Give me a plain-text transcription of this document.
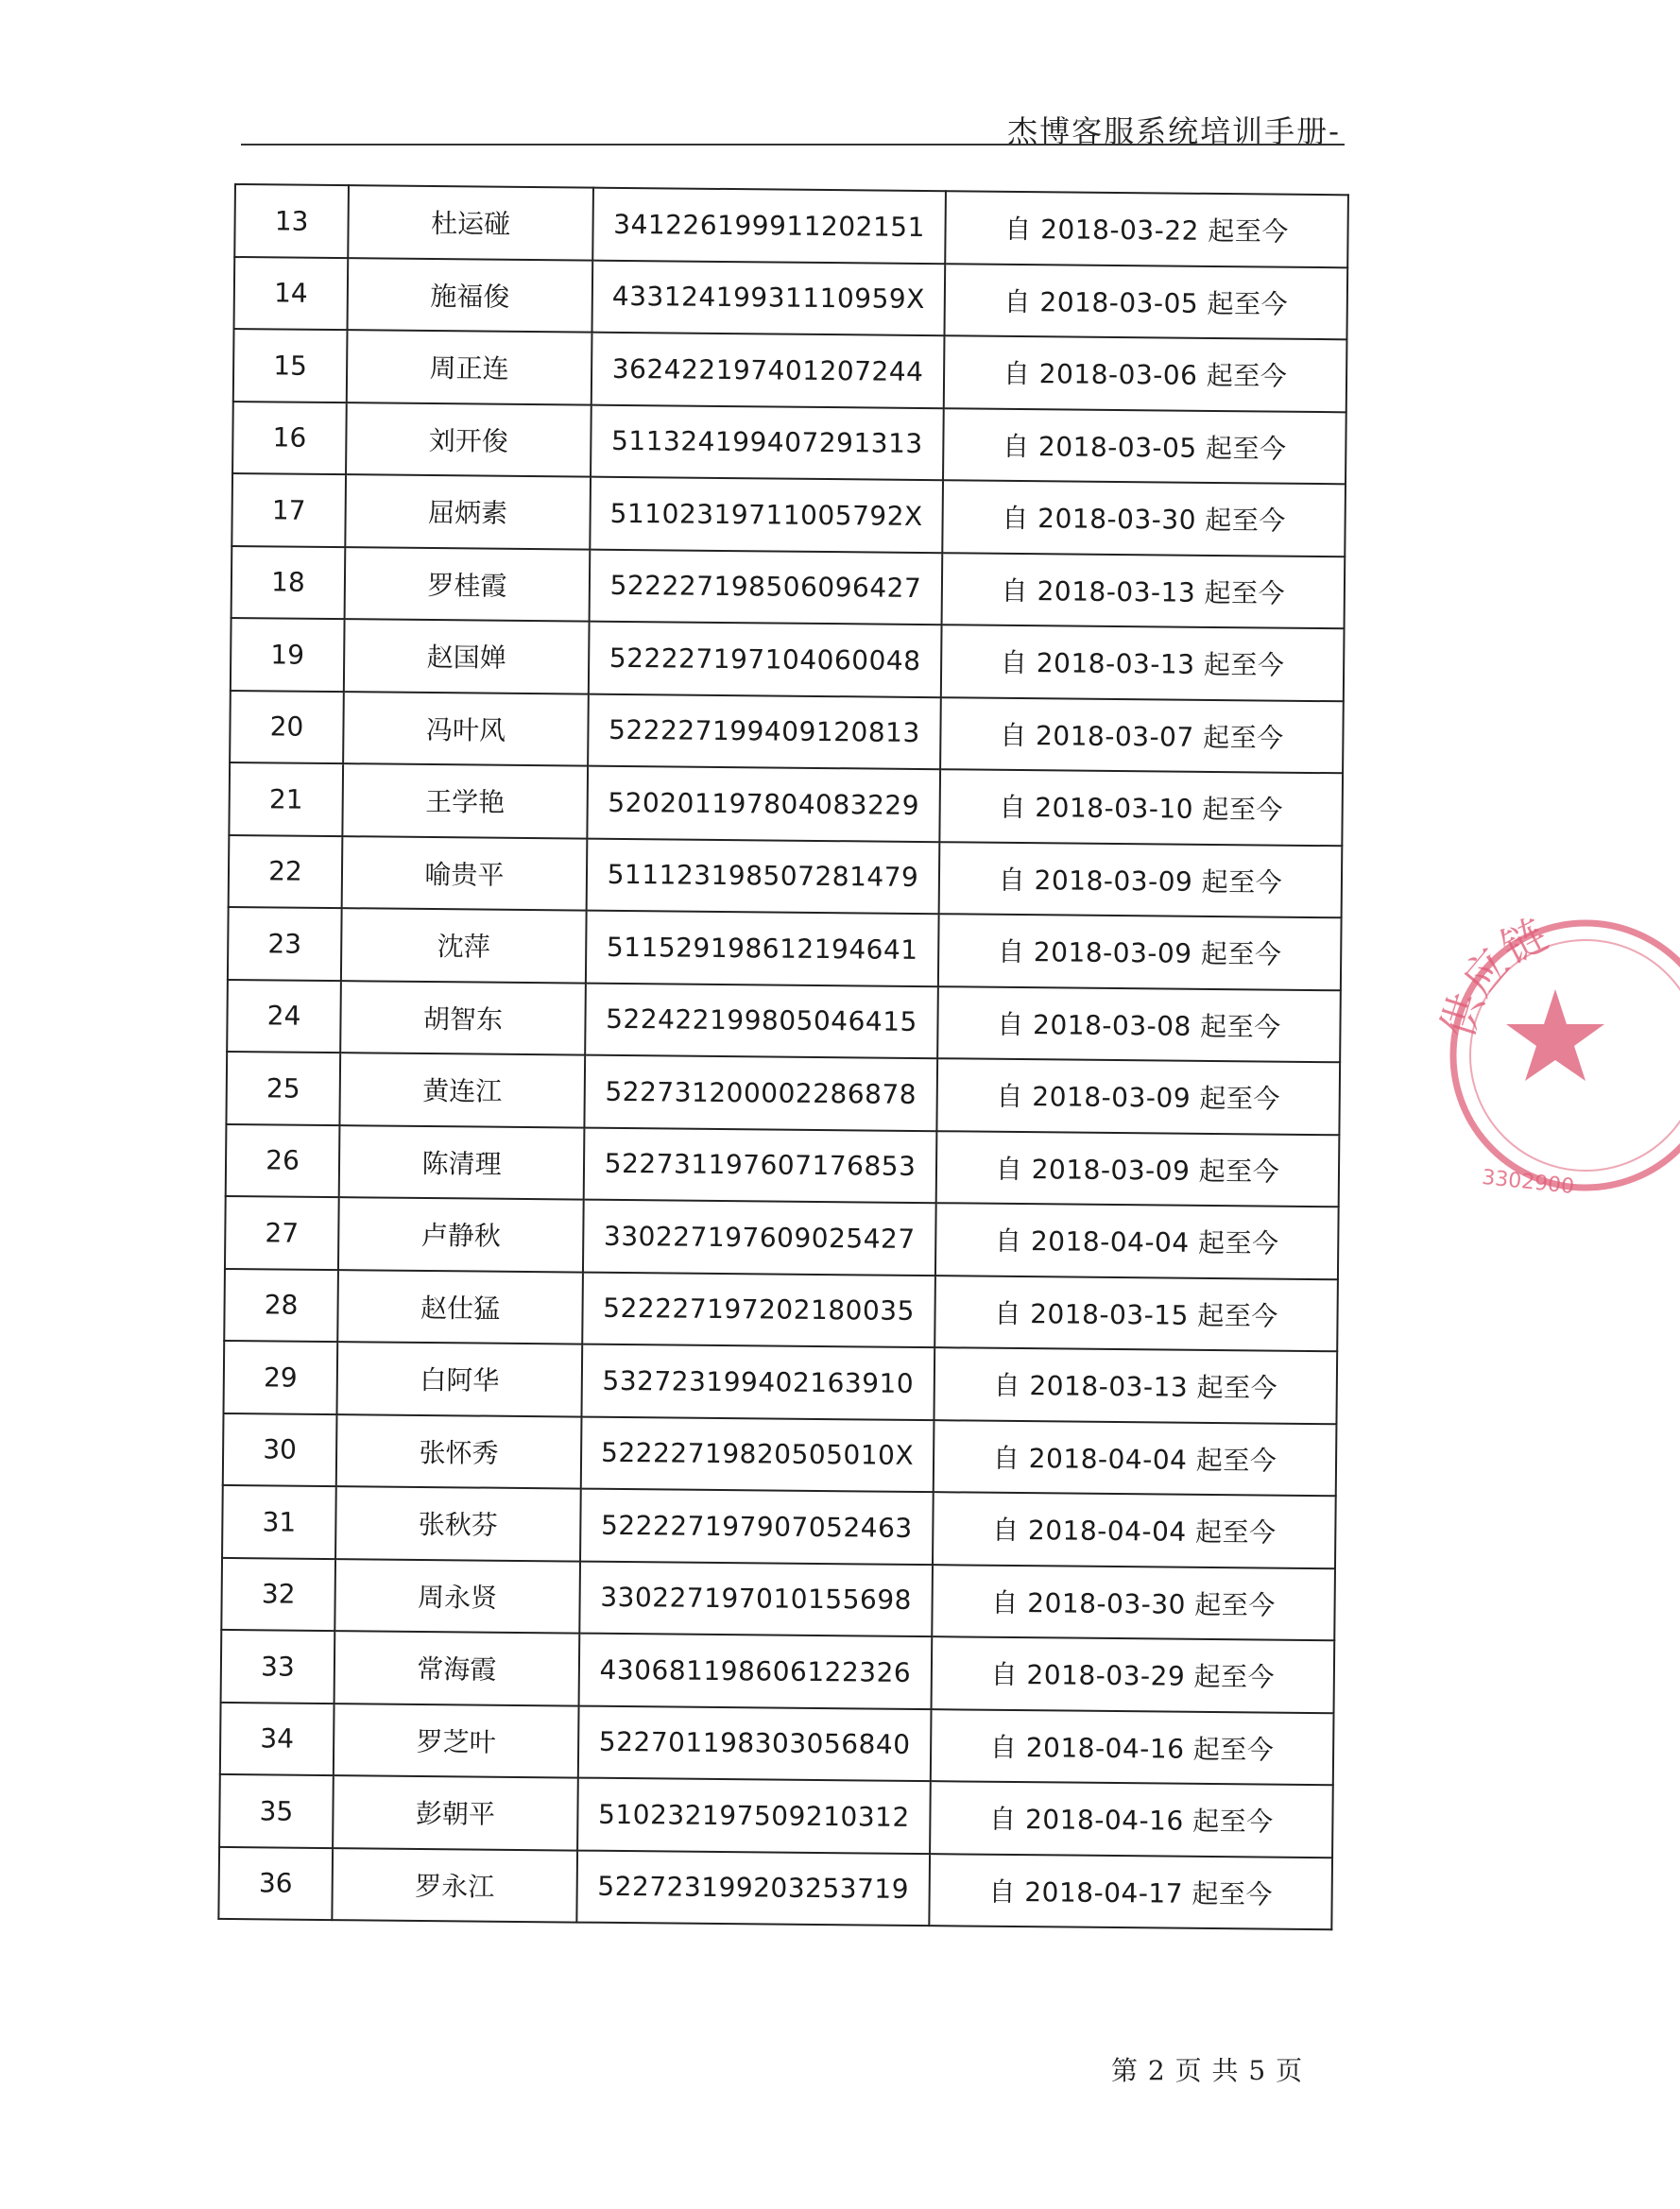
杰博客服系统培训手册-
13	杜运碰	341226199911202151	自 2018-03-22 起至今
14	施福俊	43312419931110959X	自 2018-03-05 起至今
15	周正连	362422197401207244	自 2018-03-06 起至今
16	刘开俊	511324199407291313	自 2018-03-05 起至今
17	屈炳素	51102319711005792X	自 2018-03-30 起至今
18	罗桂霞	522227198506096427	自 2018-03-13 起至今
19	赵国婵	522227197104060048	自 2018-03-13 起至今
20	冯叶风	522227199409120813	自 2018-03-07 起至今
21	王学艳	520201197804083229	自 2018-03-10 起至今
22	喻贵平	511123198507281479	自 2018-03-09 起至今
23	沈萍	511529198612194641	自 2018-03-09 起至今
24	胡智东	522422199805046415	自 2018-03-08 起至今
25	黄连江	522731200002286878	自 2018-03-09 起至今
26	陈清理	522731197607176853	自 2018-03-09 起至今
27	卢静秋	330227197609025427	自 2018-04-04 起至今
28	赵仕猛	522227197202180035	自 2018-03-15 起至今
29	白阿华	532723199402163910	自 2018-03-13 起至今
30	张怀秀	52222719820505010X	自 2018-04-04 起至今
31	张秋芬	522227197907052463	自 2018-04-04 起至今
32	周永贤	330227197010155698	自 2018-03-30 起至今
33	常海霞	430681198606122326	自 2018-03-29 起至今
34	罗芝叶	522701198303056840	自 2018-04-16 起至今
35	彭朝平	510232197509210312	自 2018-04-16 起至今
36	罗永江	522723199203253719	自 2018-04-17 起至今
供应链
3302900
第 2 页 共 5 页
